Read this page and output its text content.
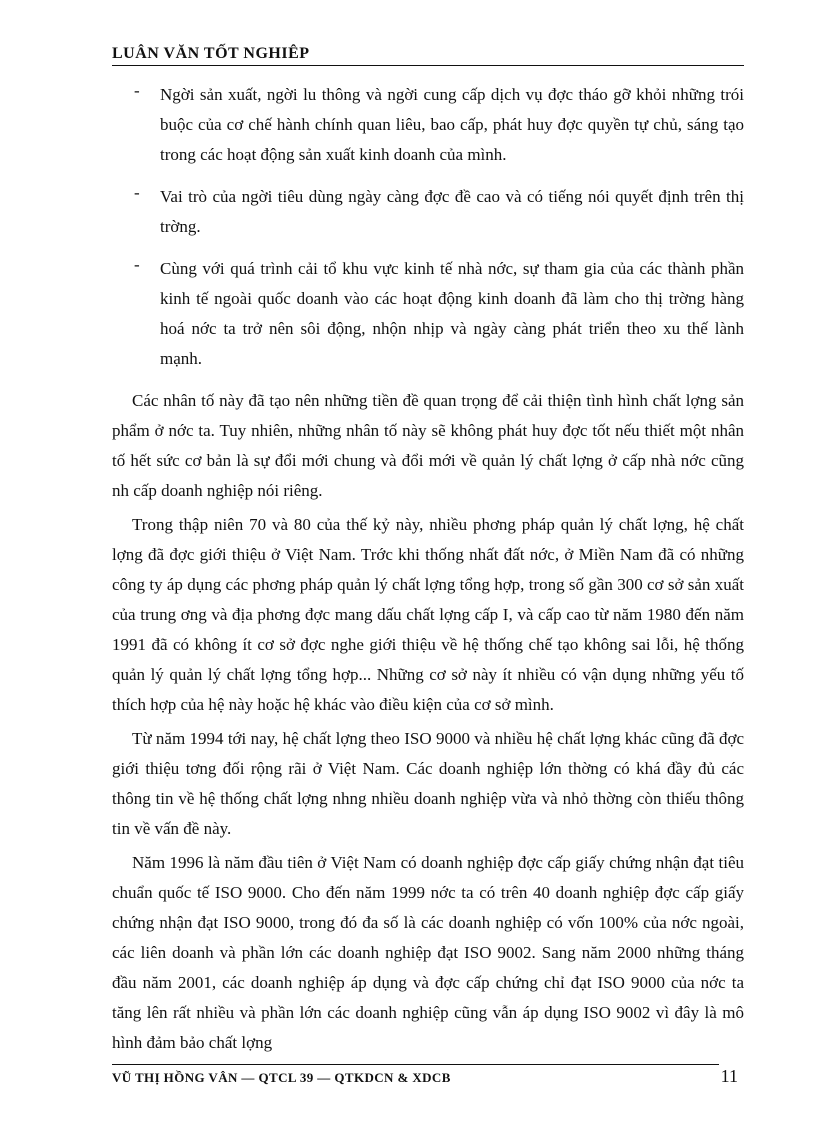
LUÂN VĂN TỐT NGHIÊP
- Ngời sản xuất, ngời lu thông và ngời cung cấp dịch vụ đợc tháo gỡ khỏi những trói buộc của cơ chế hành chính quan liêu, bao cấp, phát huy đợc quyền tự chủ, sáng tạo trong các hoạt động sản xuất kinh doanh của mình.
- Vai trò của ngời tiêu dùng ngày càng đợc đề cao và có tiếng nói quyết định trên thị trờng.
- Cùng với quá trình cải tổ khu vực kinh tế nhà nớc, sự tham gia của các thành phần kinh tế ngoài quốc doanh vào các hoạt động kinh doanh đã làm cho thị trờng hàng hoá nớc ta trở nên sôi động, nhộn nhịp và ngày càng phát triển theo xu thế lành mạnh.

Các nhân tố này đã tạo nên những tiền đề quan trọng để cải thiện tình hình chất lợng sản phẩm ở nớc ta. Tuy nhiên, những nhân tố này sẽ không phát huy đợc tốt nếu thiết một nhân tố hết sức cơ bản là sự đổi mới chung và đổi mới về quản lý chất lợng ở cấp nhà nớc cũng nh cấp doanh nghiệp nói riêng.

Trong thập niên 70 và 80 của thế kỷ này, nhiều phơng pháp quản lý chất lợng, hệ chất lợng đã đợc giới thiệu ở Việt Nam. Trớc khi thống nhất đất nớc, ở Miền Nam đã có những công ty áp dụng các phơng pháp quản lý chất lợng tổng hợp, trong số gần 300 cơ sở sản xuất của trung ơng và địa phơng đợc mang dấu chất lợng cấp I, và cấp cao từ năm 1980 đến năm 1991 đã có không ít cơ sở đợc nghe giới thiệu về hệ thống chế tạo không sai lỗi, hệ thống quản lý quản lý chất lợng tổng hợp... Những cơ sở này ít nhiều có vận dụng những yếu tố thích hợp của hệ này hoặc hệ khác vào điều kiện của cơ sở mình.

Từ năm 1994 tới nay, hệ chất lợng theo ISO 9000 và nhiều hệ chất lợng khác cũng đã đợc giới thiệu tơng đối rộng rãi ở Việt Nam. Các doanh nghiệp lớn thờng có khá đầy đủ các thông tin về hệ thống chất lợng nhng nhiều doanh nghiệp vừa và nhỏ thờng còn thiếu thông tin về vấn đề này.

Năm 1996 là năm đầu tiên ở Việt Nam có doanh nghiệp đợc cấp giấy chứng nhận đạt tiêu chuẩn quốc tế ISO 9000. Cho đến năm 1999 nớc ta có trên 40 doanh nghiệp đợc cấp giấy chứng nhận đạt ISO 9000, trong đó đa số là các doanh nghiệp có vốn 100% của nớc ngoài, các liên doanh và phần lớn các doanh nghiệp đạt ISO 9002. Sang năm 2000 những tháng đầu năm 2001, các doanh nghiệp áp dụng và đợc cấp chứng chỉ đạt ISO 9000 của nớc ta tăng lên rất nhiều và phần lớn các doanh nghiệp cũng vẫn áp dụng ISO 9002 vì đây là mô hình đảm bảo chất lợng

VŨ THỊ HỒNG VÂN — QTCL 39 — QTKDCN & XDCB	11
